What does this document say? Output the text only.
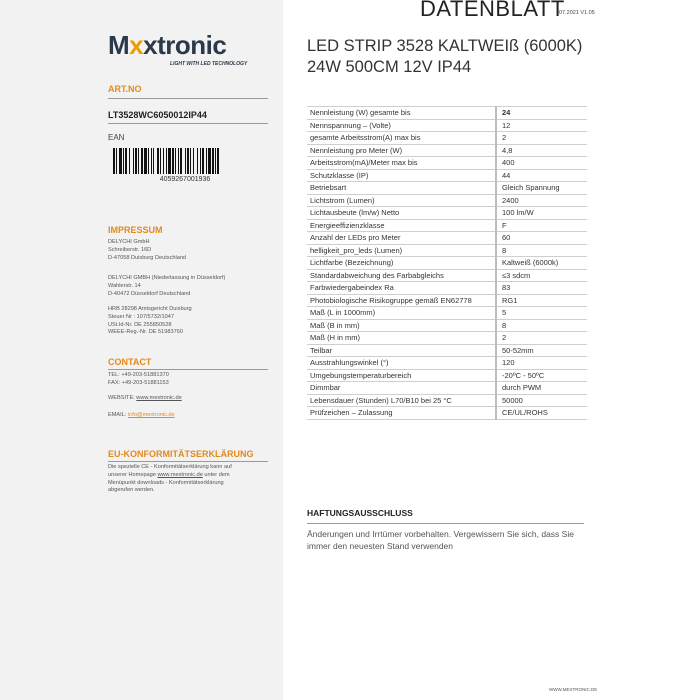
Mxxtronic
LIGHT WITH LED TECHNOLOGY
ART.NO
LT3528WC6050012IP44
EAN
4059267001936
IMPRESSUM
DELYCHI GmbH
Schreiberstr. 16D
D-47058 Duisburg Deutschland
DELYCHI GMBH (Niederlassung in Düsseldorf)
Wahlerstr. 14
D-40472 Düsseldorf Deutschland
HRB 28298 Amtsgericht Duisburg
Steuer Nr : 107/5732/1047
USt.Id-Nr. DE 255850528
WEEE-Reg.-Nr. DE 51983760
CONTACT
TEL: +49-203-51881370
FAX: +49-203-51881153
WEBSITE: www.mextronic.de
EMAIL: info@mextronic.de
EU-KONFORMITÄTSERKLÄRUNG
Die spezielle CE - Konformitätserklärung kann auf
unserer Homepage www.mextronic.de unter dem
Menüpunkt downloads - Konformitätserklärung
abgerufen werden.
DATENBLATT
07.2021 V1.05
LED STRIP 3528 KALTWEIß (6000K)
24W 500CM 12V IP44
Nennleistung (W) gesamte bis	24
Nennspannung – (Volte)	12
gesamte Arbeitsstrom(A) max bis	2
Nennleistung pro Meter (W)	4,8
Arbeitsstrom(mA)/Meter max bis	400
Schutzklasse (IP)	44
Betriebsart	Gleich Spannung
Lichtstrom (Lumen)	2400
Lichtausbeute (lm/w) Netto	100 lm/W
Energieeffizienzklasse	F
Anzahl der LEDs pro Meter	60
helligkeit_pro_leds (Lumen)	8
Lichtfarbe (Bezeichnung)	Kaltweiß (6000k)
Standardabweichung des Farbabgleichs	≤3 sdcm
Farbwiedergabeindex Ra	83
Photobiologische Risikogruppe gemäß EN62778	RG1
Maß (L in 1000mm)	5
Maß (B in mm)	8
Maß (H in mm)	2
Teilbar	50-52mm
Ausstrahlungswinkel (°)	120
Umgebungstemperaturbereich	-20ºC - 50ºC
Dimmbar	durch PWM
Lebensdauer (Stunden) L70/B10 bei 25 °C	50000
Prüfzeichen – Zulassung	CE/UL/ROHS
HAFTUNGSAUSSCHLUSS
Änderungen und Irrtümer vorbehalten. Vergewissern Sie sich, dass Sie immer den neuesten Stand verwenden
WWW.MEXTRONIC.DE
